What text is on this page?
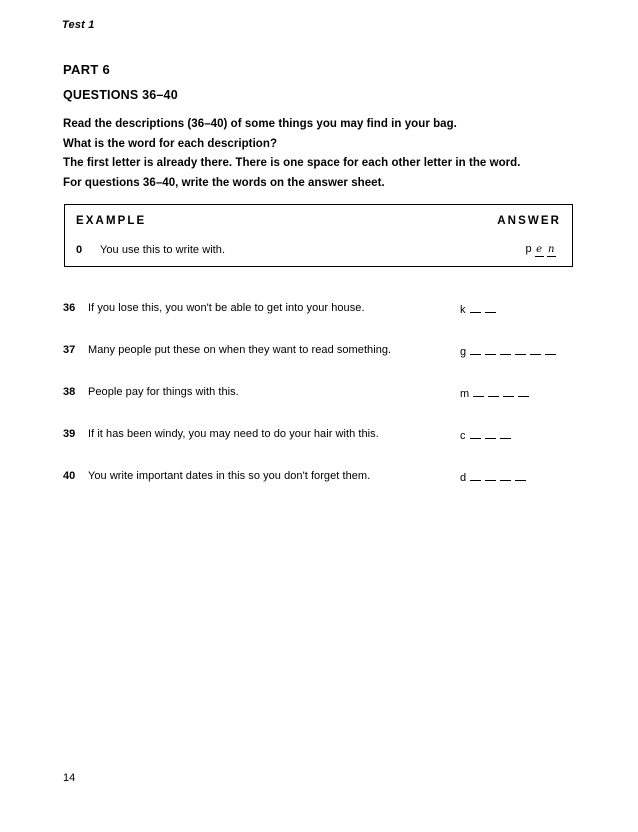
Test 1
PART 6
QUESTIONS 36–40
Read the descriptions (36–40) of some things you may find in your bag.
What is the word for each description?
The first letter is already there. There is one space for each other letter in the word.
For questions 36–40, write the words on the answer sheet.
EXAMPLE	ANSWER
0 You use this to write with.	p e n
36 If you lose this, you won't be able to get into your house.	k
37 Many people put these on when they want to read something.	g
38 People pay for things with this.	m
39 If it has been windy, you may need to do your hair with this.	c
40 You write important dates in this so you don't forget them.	d
14
